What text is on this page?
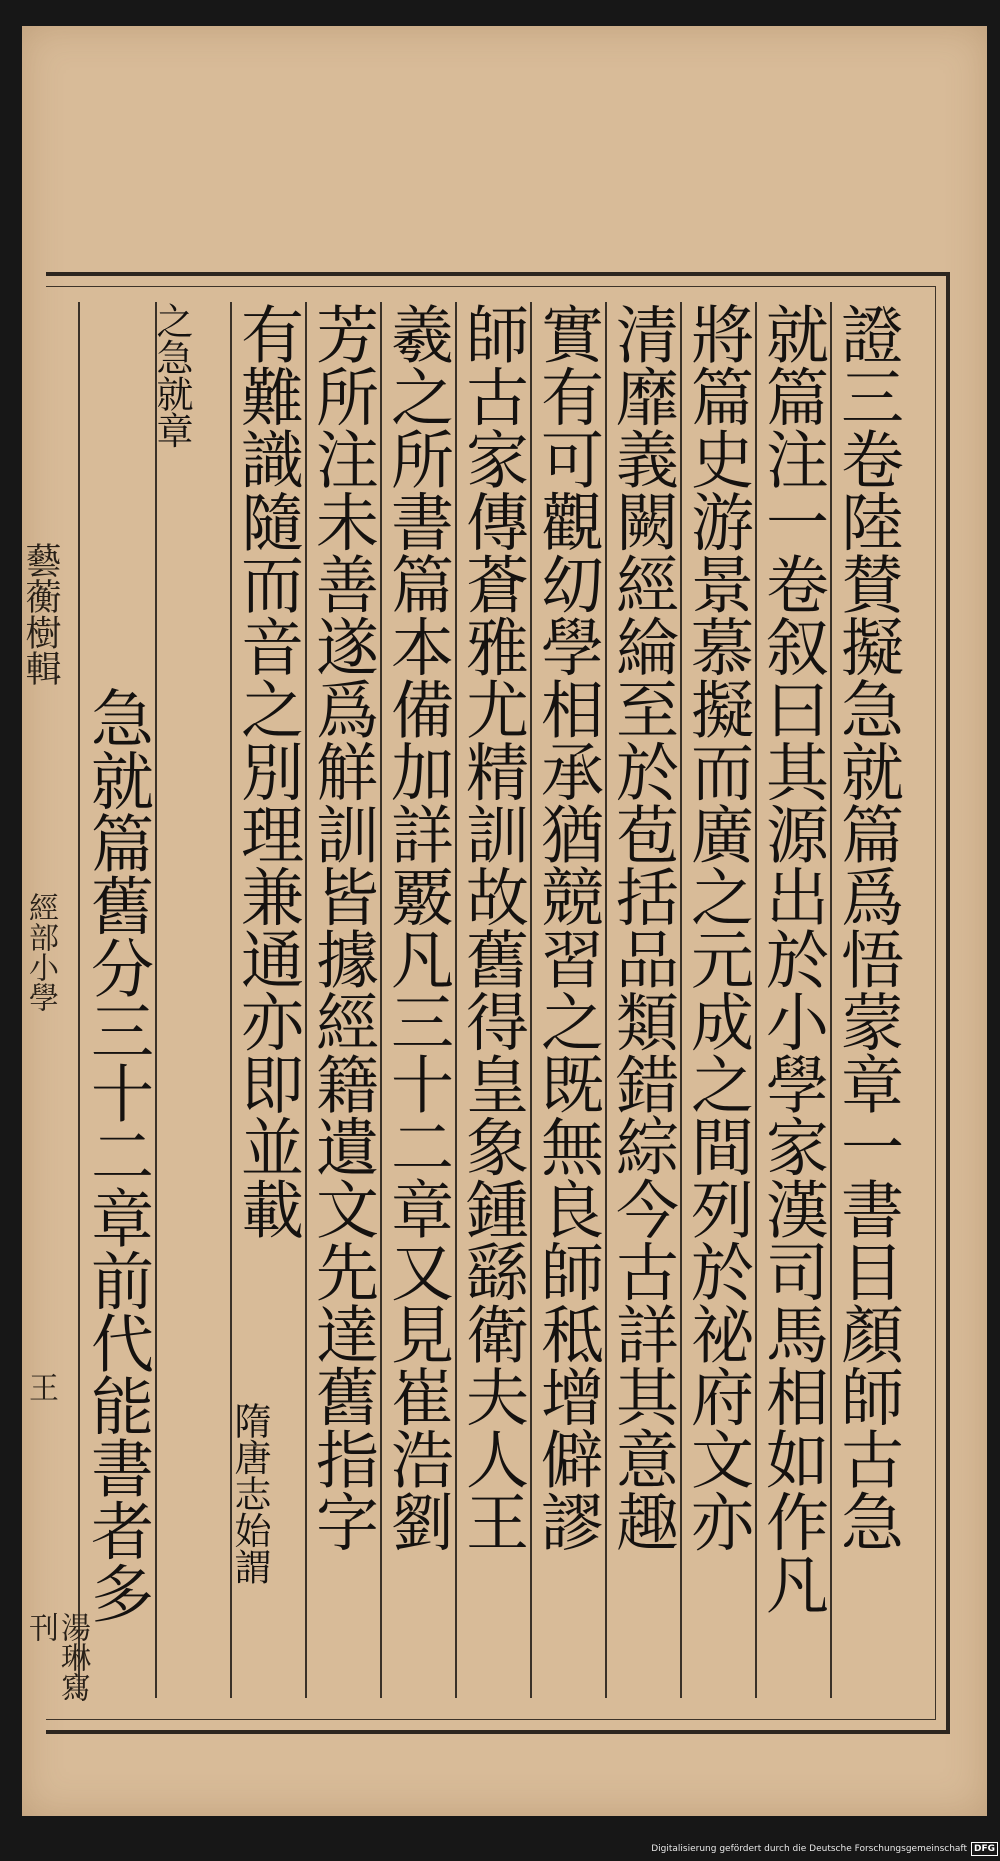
證三卷陸賛擬急就篇爲悟蒙章一書目顏師古急
就篇注一卷叙曰其源出於小學家漢司馬相如作凡
將篇史游景慕擬而廣之元成之間列於祕府文亦
清靡義闕經綸至於苞括品類錯綜今古詳其意趣
實有可觀㓜學相承猶競習之既無良師秪增僻謬
師古家傳蒼雅尤精訓故舊得皇象鍾繇衛夫人王
羲之所書篇本備加詳覈凡三十二章又見崔浩劉
芳所注未善遂爲觧訓皆據經籍遺文先達舊指字
有難識隨而音之別理兼通亦即並載
隋唐志始謂
之急就章
急就篇舊分三十二章前代能書者多
藝蘅樹輯
經部小學
王
湯琳寫刊
Digitalisierung gefördert durch die Deutsche Forschungsgemeinschaft DFG
